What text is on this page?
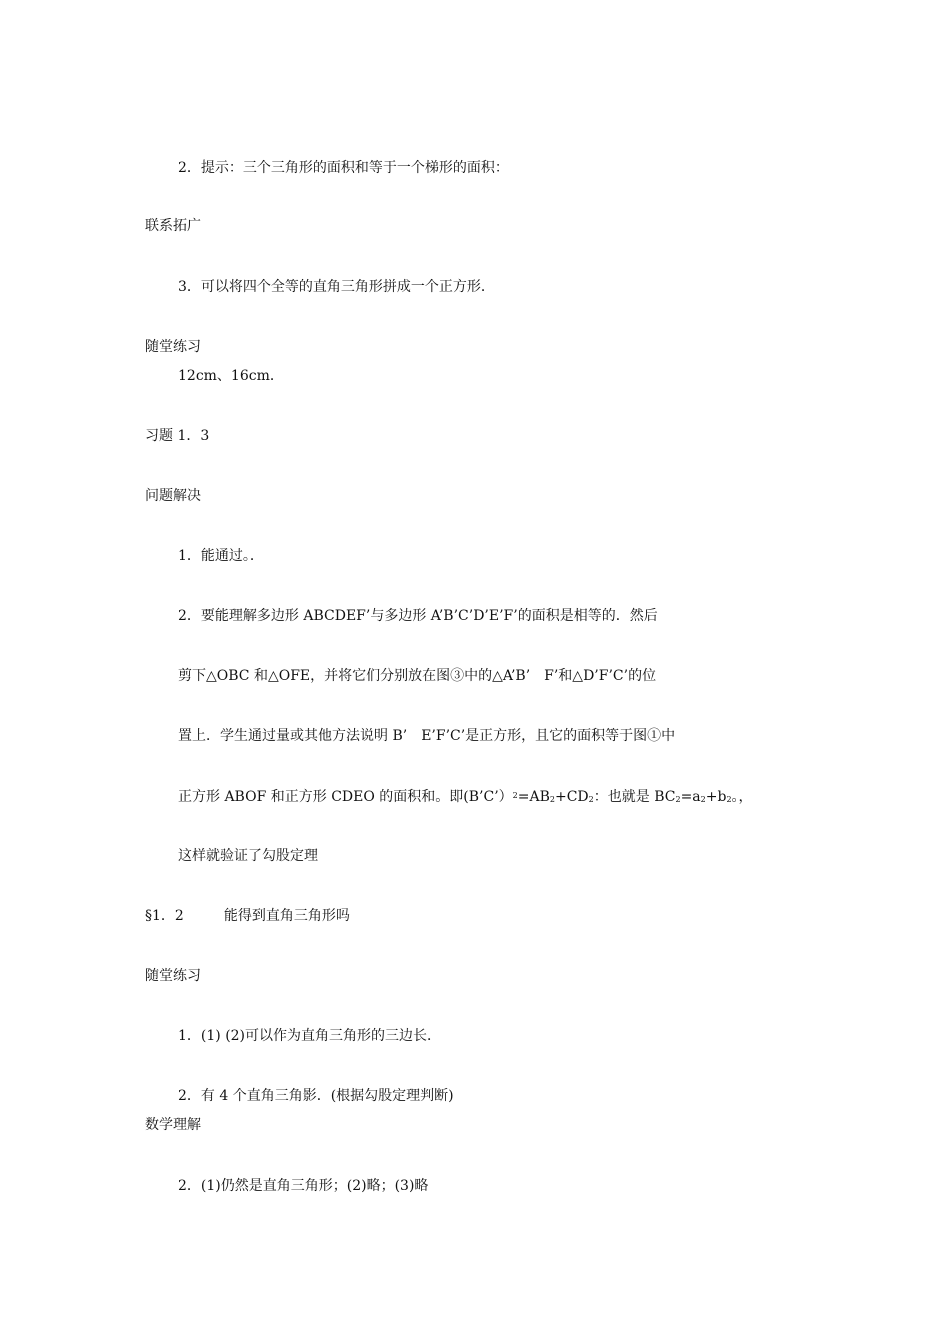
2．提示：三个三角形的面积和等于一个梯形的面积：
联系拓广
3．可以将四个全等的直角三角形拼成一个正方形．
随堂练习
12cm、16cm．
习题 1．3
问题解决
1．能通过。．
2．要能理解多边形 ABCDEF’与多边形 A’B’C’D’E’F’的面积是相等的．然后
剪下△OBC 和△OFE，并将它们分别放在图③中的△A’B’　F’和△D’F’C’的位
置上．学生通过量或其他方法说明 B’　E’F’C’是正方形，且它的面积等于图①中
正方形 ABOF 和正方形 CDEO 的面积和。即$(B’C’)^2=AB_2+CD_2$：也就是 $BC_2=a_2+b_2$。，
这样就验证了勾股定理
§1．2	能得到直角三角形吗
随堂练习
1．(1) (2)可以作为直角三角形的三边长．
2．有 4 个直角三角影．(根据勾股定理判断)
数学理解
2．(1)仍然是直角三角形；(2)略；(3)略
